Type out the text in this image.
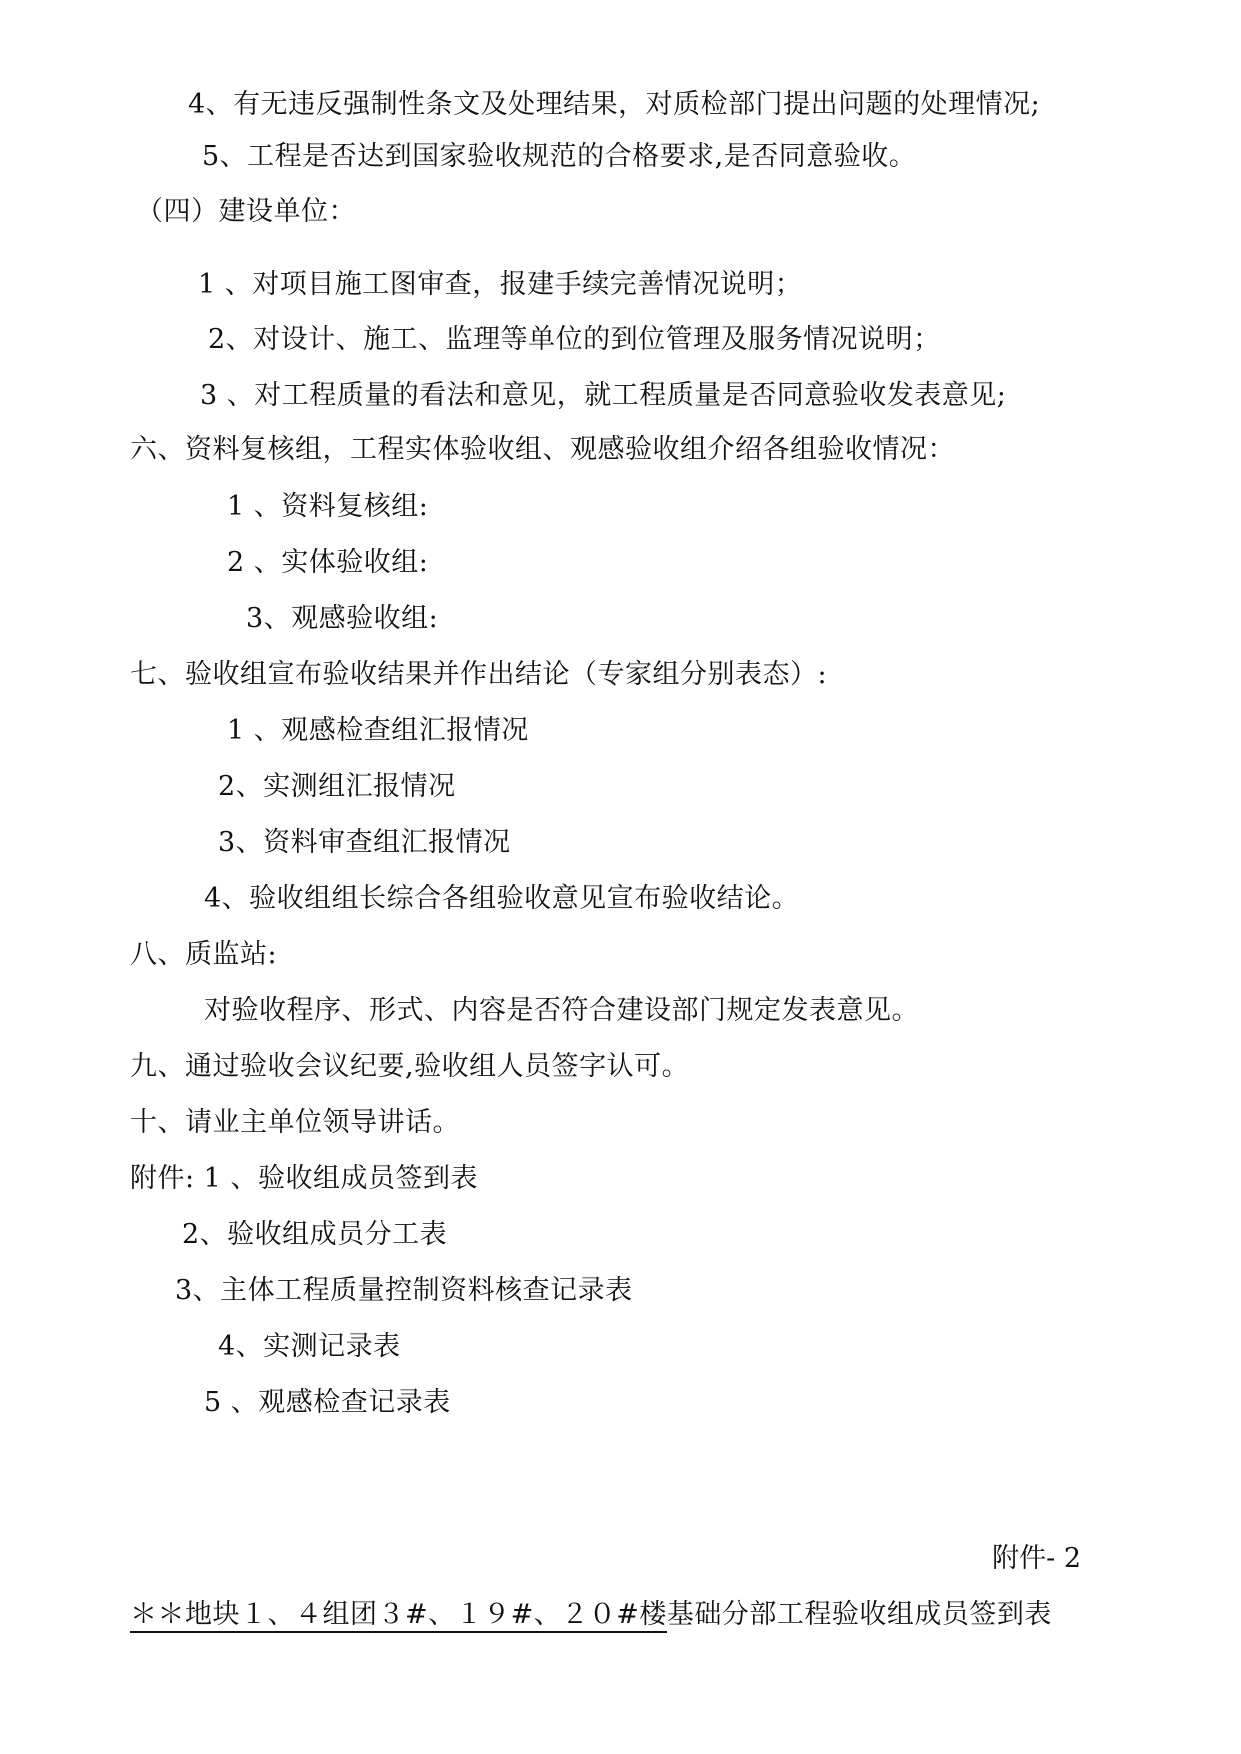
4、有无违反强制性条文及处理结果，对质检部门提出问题的处理情况;
5、工程是否达到国家验收规范的合格要求,是否同意验收。
（四）建设单位：
1 、对项目施工图审查，报建手续完善情况说明；
2、对设计、施工、监理等单位的到位管理及服务情况说明；
3 、对工程质量的看法和意见，就工程质量是否同意验收发表意见;
六、资料复核组，工程实体验收组、观感验收组介绍各组验收情况：
1 、资料复核组:
2 、实体验收组:
3、观感验收组:
七、验收组宣布验收结果并作出结论（专家组分别表态）:
1 、观感检查组汇报情况
2、实测组汇报情况
3、资料审查组汇报情况
4、验收组组长综合各组验收意见宣布验收结论。
八、质监站:
对验收程序、形式、内容是否符合建设部门规定发表意见。
九、通过验收会议纪要,验收组人员签字认可。
十、请业主单位领导讲话。
附件: 1 、验收组成员签到表
2、验收组成员分工表
3、主体工程质量控制资料核查记录表
4、实测记录表
5 、观感检查记录表
附件- 2
＊＊地块１、４组团３#、１９#、２０#楼基础分部工程验收组成员签到表
